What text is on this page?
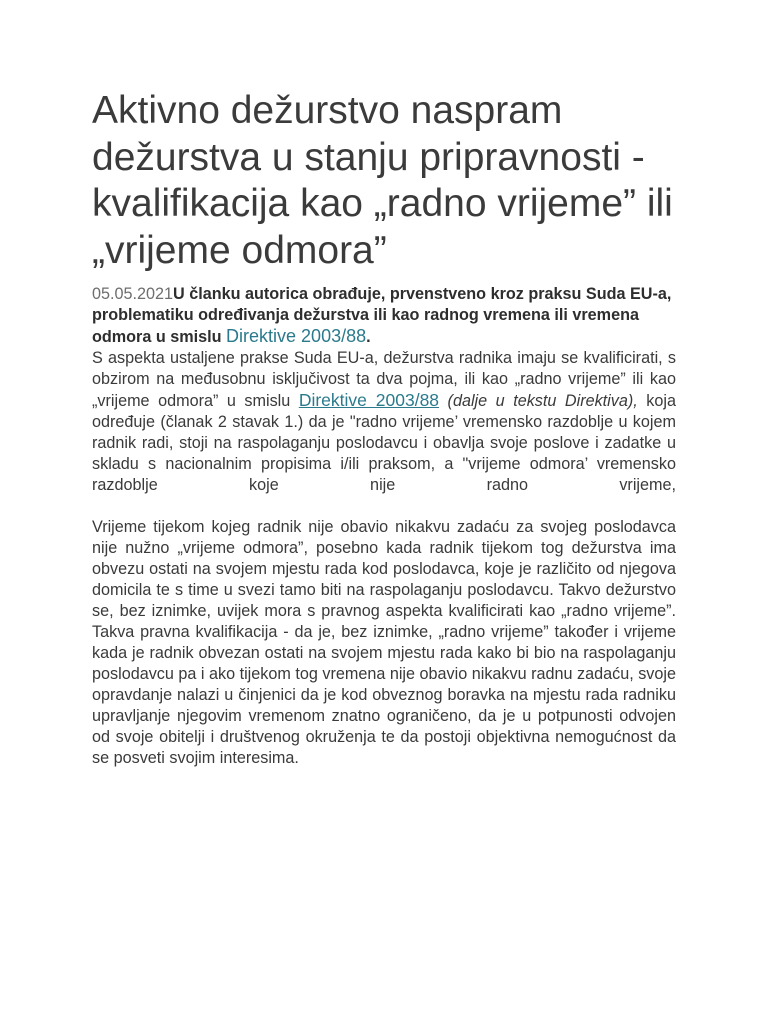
Aktivno dežurstvo naspram dežurstva u stanju pripravnosti - kvalifikacija kao „radno vrijeme” ili „vrijeme odmora”
05.05.2021U članku autorica obrađuje, prvenstveno kroz praksu Suda EU-a, problematiku određivanja dežurstva ili kao radnog vremena ili vremena odmora u smislu Direktive 2003/88.

S aspekta ustaljene prakse Suda EU-a, dežurstva radnika imaju se kvalificirati, s obzirom na međusobnu isključivost ta dva pojma, ili kao „radno vrijeme” ili kao „vrijeme odmora” u smislu Direktive 2003/88 (dalje u tekstu Direktiva), koja određuje (članak 2 stavak 1.) da je "radno vrijeme’ vremensko razdoblje u kojem radnik radi, stoji na raspolaganju poslodavcu i obavlja svoje poslove i zadatke u skladu s nacionalnim propisima i/ili praksom, a "vrijeme odmora’ vremensko razdoblje koje nije radno vrijeme,

Vrijeme tijekom kojeg radnik nije obavio nikakvu zadaću za svojeg poslodavca nije nužno „vrijeme odmora”, posebno kada radnik tijekom tog dežurstva ima obvezu ostati na svojem mjestu rada kod poslodavca, koje je različito od njegova domicila te s time u svezi tamo biti na raspolaganju poslodavcu. Takvo dežurstvo se, bez iznimke, uvijek mora s pravnog aspekta kvalificirati kao „radno vrijeme”. Takva pravna kvalifikacija - da je, bez iznimke, „radno vrijeme” također i vrijeme kada je radnik obvezan ostati na svojem mjestu rada kako bi bio na raspolaganju poslodavcu pa i ako tijekom tog vremena nije obavio nikakvu radnu zadaću, svoje opravdanje nalazi u činjenici da je kod obveznog boravka na mjestu rada radniku upravljanje njegovim vremenom znatno ograničeno, da je u potpunosti odvojen od svoje obitelji i društvenog okruženja te da postoji objektivna nemogućnost da se posveti svojim interesima.
